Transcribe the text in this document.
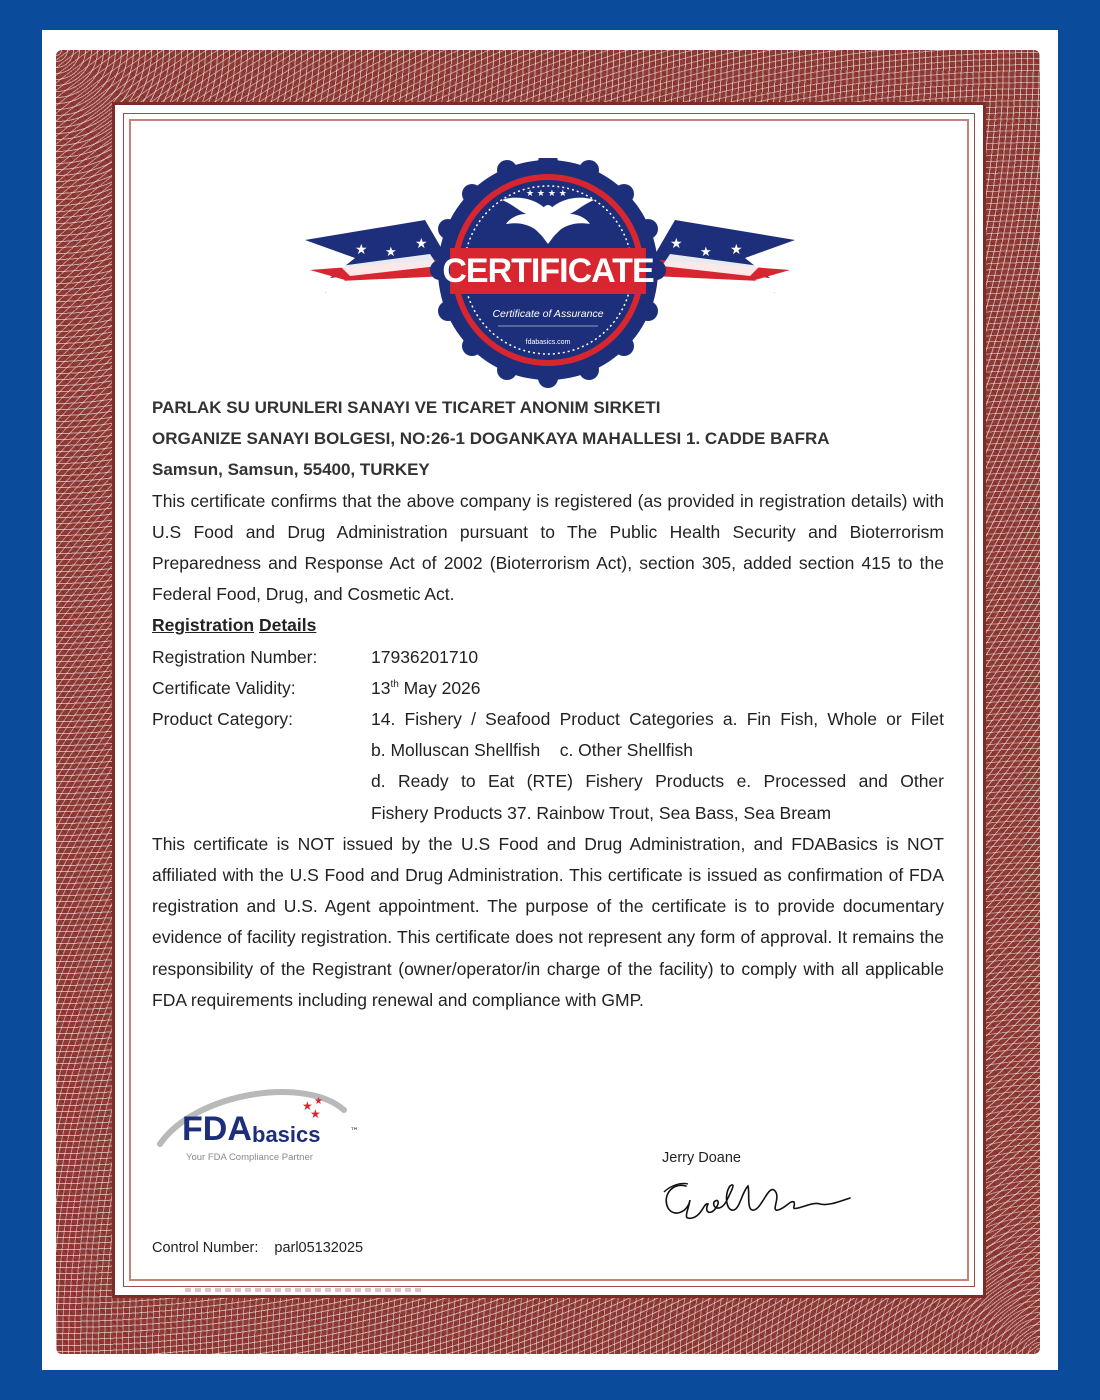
★ ★
★	★
★ ★
★ ★ ★ ★
CERTIFICATE
Certificate of Assurance
fdabasics.com
PARLAK SU URUNLERI SANAYI VE TICARET ANONIM SIRKETI
ORGANIZE SANAYI BOLGESI, NO:26-1 DOGANKAYA MAHALLESI 1. CADDE BAFRA
Samsun, Samsun, 55400, TURKEY

This certificate confirms that the above company is registered (as provided in registration details) with U.S Food and Drug Administration pursuant to The Public Health Security and Bioterrorism Preparedness and Response Act of 2002 (Bioterrorism Act), section 305, added section 415 to the Federal Food, Drug, and Cosmetic Act.

Registration Details

Registration Number:	17936201710
Certificate Validity:	13th May 2026
Product Category:	14. Fishery / Seafood Product Categories a. Fin Fish, Whole or Filet
b. Molluscan Shellfish    c. Other Shellfish
d. Ready to Eat (RTE) Fishery Products e. Processed and Other
Fishery Products 37. Rainbow Trout, Sea Bass, Sea Bream

This certificate is NOT issued by the U.S Food and Drug Administration, and FDABasics is NOT affiliated with the U.S Food and Drug Administration. This certificate is issued as confirmation of FDA registration and U.S. Agent appointment. The purpose of the certificate is to provide documentary evidence of facility registration. This certificate does not represent any form of approval. It remains the responsibility of the Registrant (owner/operator/in charge of the facility) to comply with all applicable FDA requirements including renewal and compliance with GMP.

★ ★
★
FDA basics	™
Your FDA Compliance Partner	Jerry Doane
Control Number: parl05132025
